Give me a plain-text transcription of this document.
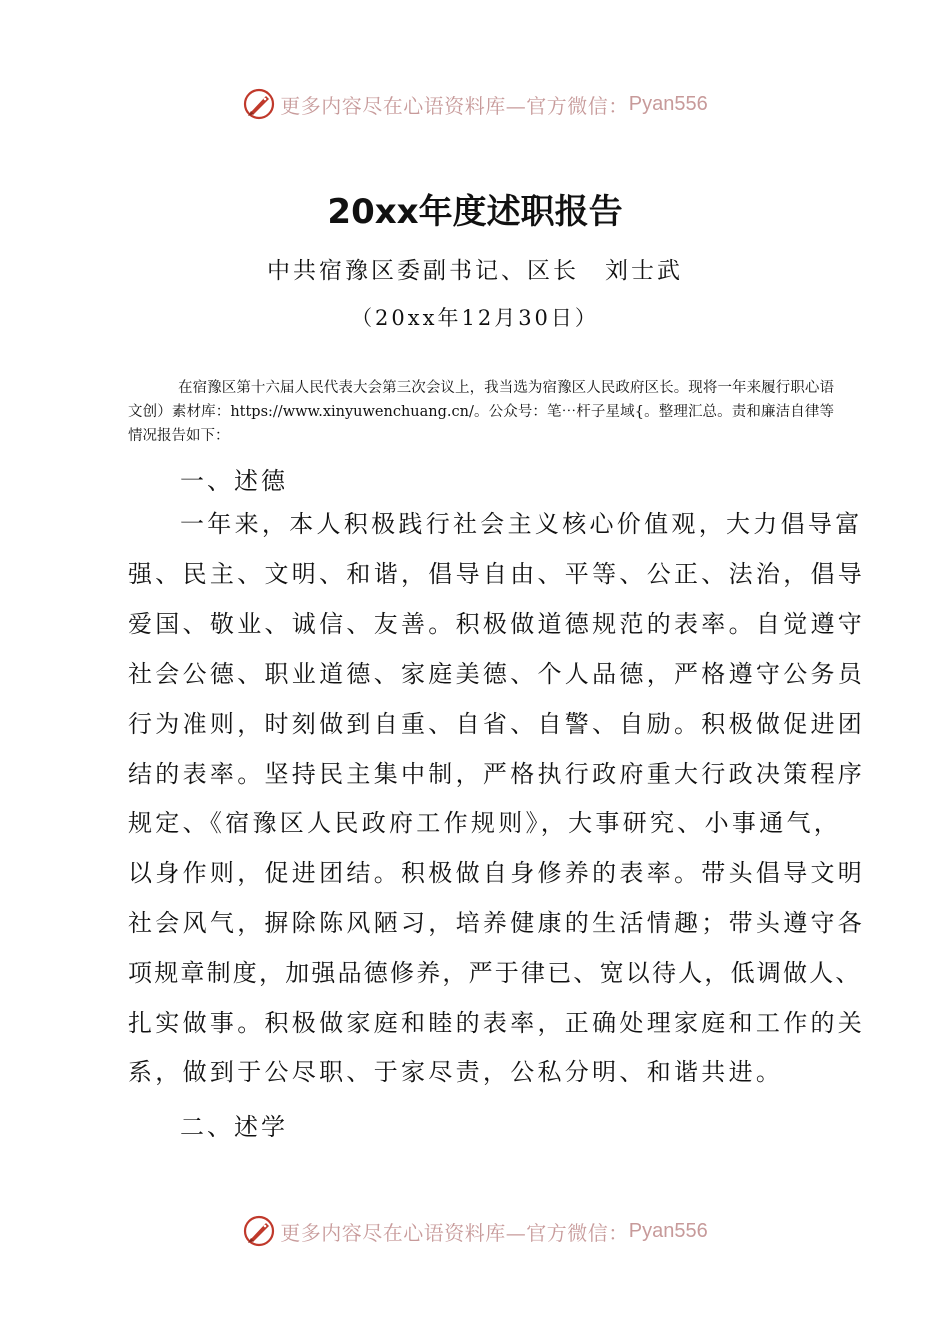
更多内容尽在心语资料库—官方微信： Pyan556
20xx年度述职报告
中共宿豫区委副书记、区长　刘士武
（20xx年12月30日）
在宿豫区第十六届人民代表大会第三次会议上，我当选为宿豫区人民政府区长。现将一年来履行职心语文创）素材库：https://www.xinyuwenchuang.cn/。公众号：笔⋯杆子星域{。整理汇总。责和廉洁自律等情况报告如下：
一、述德
一年来，本人积极践行社会主义核心价值观，大力倡导富
强、民主、文明、和谐，倡导自由、平等、公正、法治，倡导
爱国、敬业、诚信、友善。积极做道德规范的表率。自觉遵守
社会公德、职业道德、家庭美德、个人品德，严格遵守公务员
行为准则，时刻做到自重、自省、自警、自励。积极做促进团
结的表率。坚持民主集中制，严格执行政府重大行政决策程序
规定、《宿豫区人民政府工作规则》，大事研究、小事通气，
以身作则，促进团结。积极做自身修养的表率。带头倡导文明
社会风气，摒除陈风陋习，培养健康的生活情趣；带头遵守各
项规章制度，加强品德修养，严于律已、宽以待人，低调做人、
扎实做事。积极做家庭和睦的表率，正确处理家庭和工作的关
系，做到于公尽职、于家尽责，公私分明、和谐共进。
二、述学
更多内容尽在心语资料库—官方微信： Pyan556
